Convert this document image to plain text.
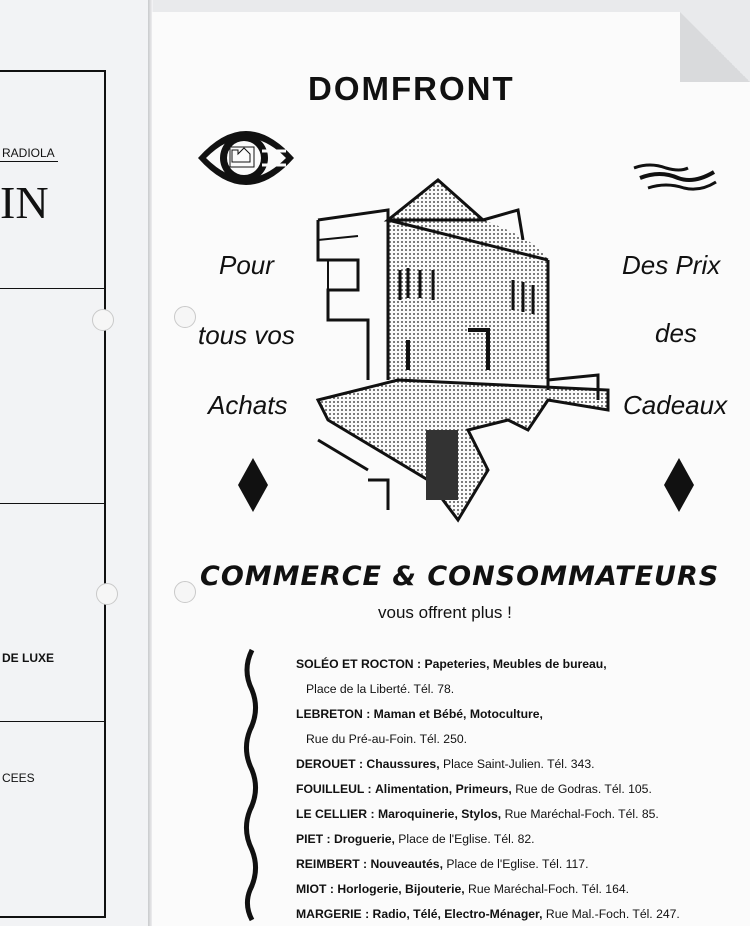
RADIOLA
IN
DE LUXE
CEES
DOMFRONT
Pour
tous vos
Achats
Des Prix
des
Cadeaux
COMMERCE & CONSOMMATEURS
vous offrent plus !
SOLÉO ET ROCTON : Papeteries, Meubles de bureau,
Place de la Liberté. Tél. 78.
LEBRETON : Maman et Bébé, Motoculture,
Rue du Pré-au-Foin. Tél. 250.
DEROUET : Chaussures, Place Saint-Julien. Tél. 343.
FOUILLEUL : Alimentation, Primeurs, Rue de Godras. Tél. 105.
LE CELLIER : Maroquinerie, Stylos, Rue Maréchal-Foch. Tél. 85.
PIET : Droguerie, Place de l'Eglise. Tél. 82.
REIMBERT : Nouveautés, Place de l'Eglise. Tél. 117.
MIOT : Horlogerie, Bijouterie, Rue Maréchal-Foch. Tél. 164.
MARGERIE : Radio, Télé, Electro-Ménager, Rue Mal.-Foch. Tél. 247.
